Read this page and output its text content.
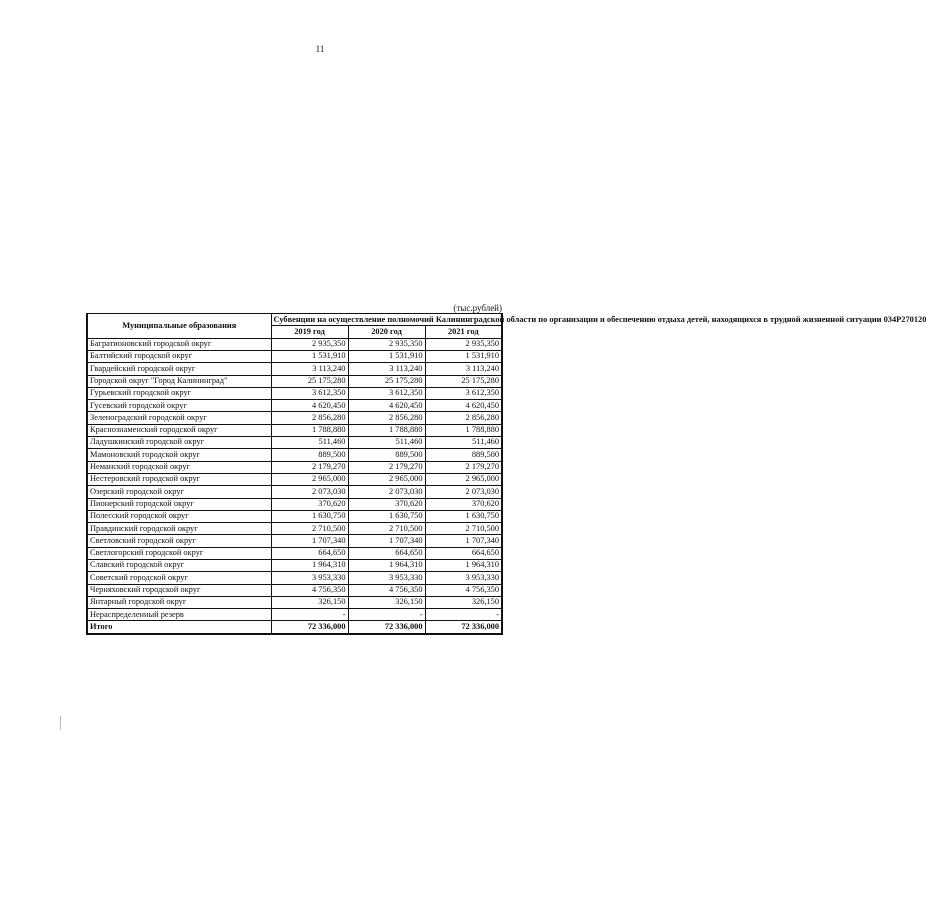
11
(тыс.рублей)
Муниципальные образования	Субвенции на осуществление полномочий Калининградской области по организации и обеспечению отдыха детей, находящихся в трудной жизненной ситуации 034Р270120		
	2019 год	2020 год	2021 год
Багратионовский городской округ	2 935,350	2 935,350	2 935,350
Балтийский городской округ	1 531,910	1 531,910	1 531,910
Гвардейский городской округ	3 113,240	3 113,240	3 113,240
Городской округ "Город Калининград"	25 175,280	25 175,280	25 175,280
Гурьевский городской округ	3 612,350	3 612,350	3 612,350
Гусевский городской округ	4 620,450	4 620,450	4 620,450
Зеленоградский городской округ	2 856,280	2 856,280	2 856,280
Краснознаменский городской округ	1 788,880	1 788,880	1 788,880
Ладушкинский городской округ	511,460	511,460	511,460
Мамоновский городской округ	889,500	889,500	889,500
Неманский городской округ	2 179,270	2 179,270	2 179,270
Нестеровский городской округ	2 965,000	2 965,000	2 965,000
Озерский городской округ	2 073,030	2 073,030	2 073,030
Пионерский городской округ	370,620	370,620	370,620
Полесский городской округ	1 630,750	1 630,750	1 630,750
Правдинский городской округ	2 710,500	2 710,500	2 710,500
Светловский городской округ	1 707,340	1 707,340	1 707,340
Светлогорский городской округ	664,650	664,650	664,650
Славский городской округ	1 964,310	1 964,310	1 964,310
Советский городской округ	3 953,330	3 953,330	3 953,330
Черняховский городской округ	4 756,350	4 756,350	4 756,350
Янтарный городской округ	326,150	326,150	326,150
Нераспределенный резерв	-	-	-
Итого	72 336,000	72 336,000	72 336,000
